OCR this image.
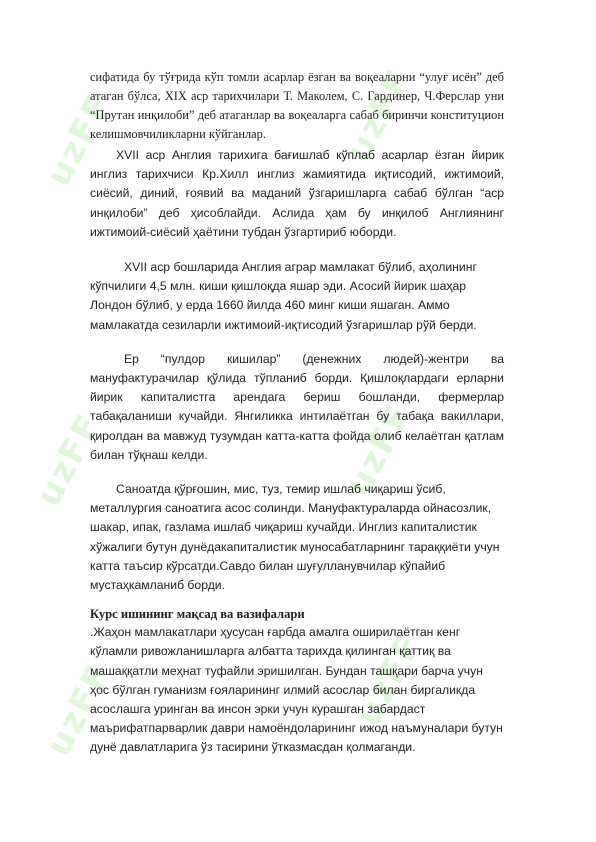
uzFF	uzFF
uzFF	uzFF
uzFF	uzFF

сифатида бу тўғрида кўп томли асарлар ёзган ва воқеаларни “улуғ исён” деб атаган бўлса, XIX аср тарихчилари Т. Маколем, С. Гардинер, Ч.Ферслар уни “Прутан инқилоби” деб атаганлар ва воқеаларга сабаб биринчи конституцион келишмовчиликларни кўйганлар.

XVII аср Англия тарихига бағишлаб кўплаб асарлар ёзган йирик инглиз тарихчиси Кр.Хилл инглиз жамиятида иқтисодий, ижтимоий, сиёсий, диний, ғоявий ва маданий ўзгаришларга сабаб бўлган “аср инқилоби” деб ҳисоблайди. Аслида ҳам бу инқилоб Англиянинг ижтимоий-сиёсий ҳаётини тубдан ўзгартириб юборди.

XVII аср бошларида Англия аграр мамлакат бўлиб, аҳолининг кўпчилиги 4,5 млн. киши қишлоқда яшар эди. Асосий йирик шаҳар Лондон бўлиб, у ерда 1660 йилда 460 минг киши яшаган. Аммо мамлакатда сезиларли ижтимоий-иқтисодий ўзгаришлар рўй берди.

Ер “пулдор кишилар” (денежних людей)-жентри ва мануфактурачилар қўлида тўпланиб борди. Қишлоқлардаги ерларни йирик капиталистга арендага бериш бошланди, фермерлар табақаланиши кучайди. Янгиликка интилаётган бу табақа вакиллари, қиролдан ва мавжуд тузумдан катта-катта фойда олиб келаётган қатлам билан тўқнаш келди.

Саноатда қўрғошин, мис, туз, темир ишлаб чиқариш ўсиб, металлургия саноатига асос солинди. Мануфактураларда ойнасозлик, шакар, ипак, газлама ишлаб чиқариш кучайди. Инглиз капиталистик хўжалиги бутун дунёдакапиталистик муносабатларнинг тараққиёти учун катта таъсир кўрсатди.Савдо билан шуғулланувчилар кўпайиб мустаҳкамланиб борди.

Курс ишининг мақсад ва вазифалари

.Жаҳон мамлакатлари ҳусусан ғарбда амалга оширилаётган кенг кўламли ривожланишларга албатта тарихда қилинган қаттиқ ва машаққатли меҳнат туфайли эришилган. Бундан ташқари барча учун ҳос бўлган гуманизм ғояларининг илмий асослар билан биргаликда асослашга уринган ва инсон эрки учун курашган забардаст маърифатпарварлик даври намоёндоларининг ижод наъмуналари бутун дунё давлатларига ўз тасирини ўтказмасдан қолмаганди.
